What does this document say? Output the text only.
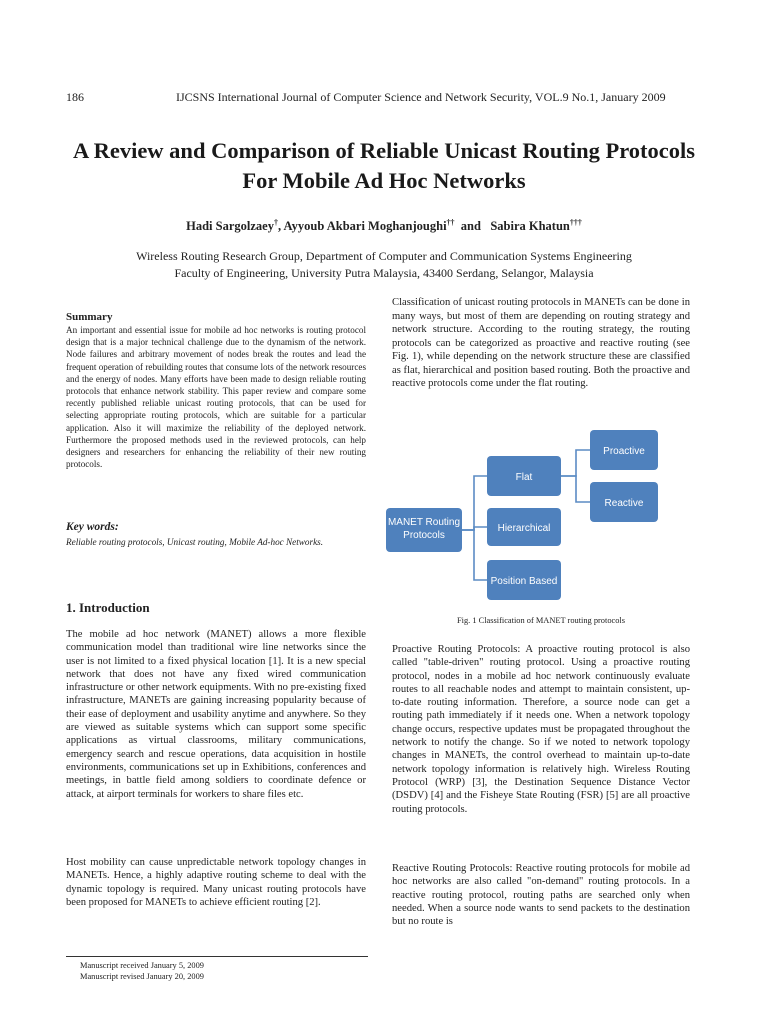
186	IJCSNS International Journal of Computer Science and Network Security, VOL.9 No.1, January 2009
A Review and Comparison of Reliable Unicast Routing Protocols
For Mobile Ad Hoc Networks
Hadi Sargolzaey†, Ayyoub Akbari Moghanjoughi††  and   Sabira Khatun†††
Wireless Routing Research Group, Department of Computer and Communication Systems Engineering
Faculty of Engineering, University Putra Malaysia, 43400 Serdang, Selangor, Malaysia
Summary

An important and essential issue for mobile ad hoc networks is routing protocol design that is a major technical challenge due to the dynamism of the network. Node failures and arbitrary movement of nodes break the routes and lead the frequent operation of rebuilding routes that consume lots of the network resources and the energy of nodes. Many efforts have been made to design reliable routing protocols that enhance network stability. This paper review and compare some recently published reliable unicast routing protocols, that can be used for selecting appropriate routing protocols, which are suitable for a particular application. Also it will maximize the reliability of the deployed network. Furthermore the proposed methods used in the reviewed protocols, can help designers and researchers for enhancing the reliability of their new routing protocols.

Key words:

Reliable routing protocols, Unicast routing, Mobile Ad-hoc Networks.

1. Introduction

The mobile ad hoc network (MANET) allows a more flexible communication model than traditional wire line networks since the user is not limited to a fixed physical location [1]. It is a new special network that does not have any fixed wired communication infrastructure or other network equipments. With no pre-existing fixed infrastructure, MANETs are gaining increasing popularity because of their ease of deployment and usability anytime and anywhere. So they are viewed as suitable systems which can support some specific applications as virtual classrooms, military communications, emergency search and rescue operations, data acquisition in hostile environments, communications set up in Exhibitions, conferences and meetings, in battle field among soldiers to coordinate defence or attack, at airport terminals for workers to share files etc.

Host mobility can cause unpredictable network topology changes in MANETs. Hence, a highly adaptive routing scheme to deal with the dynamic topology is required. Many unicast routing protocols have been proposed for MANETs to achieve efficient routing [2].

Manuscript received January 5, 2009
Manuscript revised January 20, 2009

Classification of unicast routing protocols in MANETs can be done in many ways, but most of them are depending on routing strategy and network structure. According to the routing strategy, the routing protocols can be categorized as proactive and reactive routing (see Fig. 1), while depending on the network structure these are classified as flat, hierarchical and position based routing. Both the proactive and reactive protocols come under the flat routing.

MANET Routing
Protocols
Flat
Hierarchical
Position Based
Proactive
Reactive
Fig. 1 Classification of MANET routing protocols

Proactive Routing Protocols: A proactive routing protocol is also called "table-driven" routing protocol. Using a proactive routing protocol, nodes in a mobile ad hoc network continuously evaluate routes to all reachable nodes and attempt to maintain consistent, up-to-date routing information. Therefore, a source node can get a routing path immediately if it needs one. When a network topology change occurs, respective updates must be propagated throughout the network to notify the change. So if we noted to network topology changes in MANETs, the control overhead to maintain up-to-date network topology information is relatively high. Wireless Routing Protocol (WRP) [3], the Destination Sequence Distance Vector (DSDV) [4] and the Fisheye State Routing (FSR) [5] are all proactive routing protocols.

Reactive Routing Protocols: Reactive routing protocols for mobile ad hoc networks are also called "on-demand" routing protocols. In a reactive routing protocol, routing paths are searched only when needed. When a source node wants to send packets to the destination but no route is
